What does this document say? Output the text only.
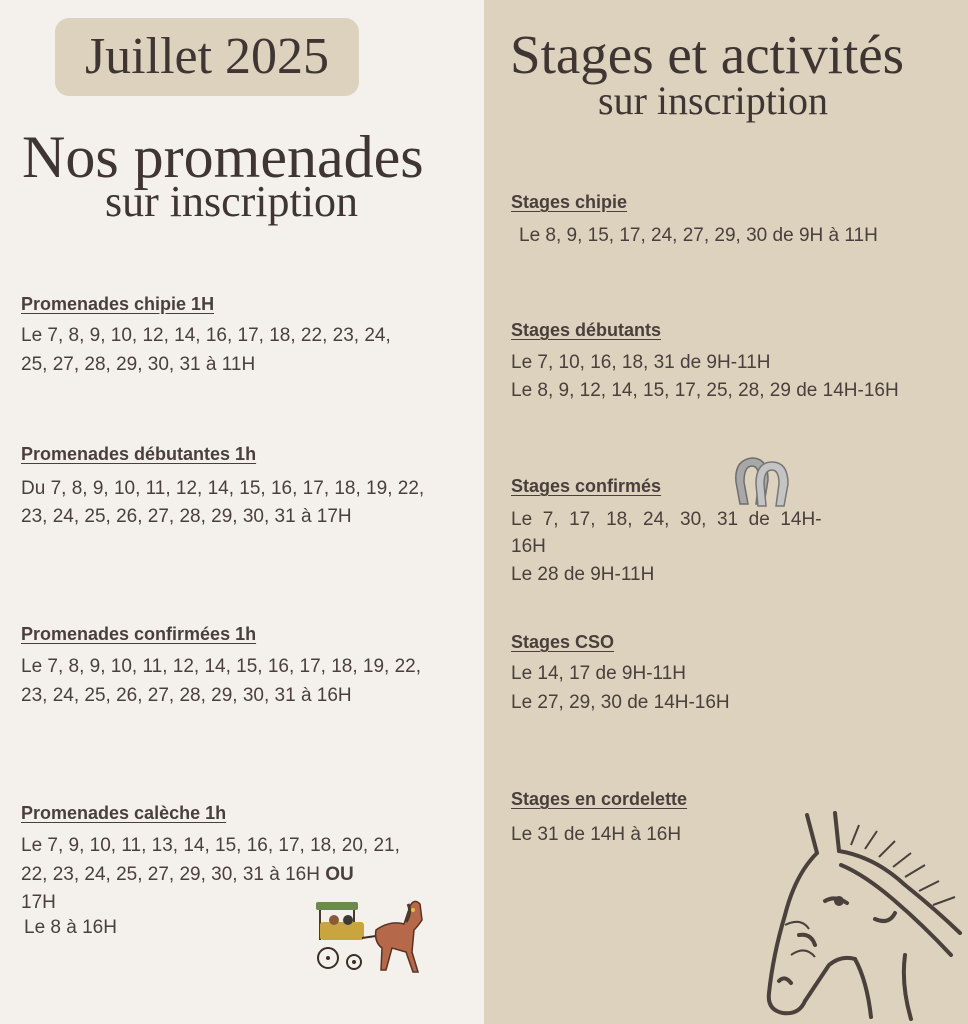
Juillet 2025
Nos promenades
sur inscription
Promenades chipie 1H
Le 7, 8, 9, 10, 12, 14, 16, 17, 18, 22, 23, 24,
25, 27, 28, 29, 30, 31 à 11H
Promenades débutantes 1h
Du 7, 8, 9, 10, 11, 12, 14, 15, 16, 17, 18, 19, 22,
23, 24, 25, 26, 27, 28, 29, 30, 31 à 17H
Promenades confirmées 1h
Le 7, 8, 9, 10, 11, 12, 14, 15, 16, 17, 18, 19, 22,
23, 24, 25, 26, 27, 28, 29, 30, 31 à 16H
Promenades calèche 1h
Le 7, 9, 10, 11, 13, 14, 15, 16, 17, 18, 20, 21,
22, 23, 24, 25, 27, 29, 30, 31 à 16H OU
17H
Le 8 à 16H
Stages et activités
sur inscription
Stages chipie
Le 8, 9, 15, 17, 24, 27, 29, 30 de 9H à 11H
Stages débutants
Le 7, 10, 16, 18, 31 de 9H-11H
Le 8, 9, 12, 14, 15, 17, 25, 28, 29 de 14H-16H
Stages confirmés
Le  7,  17,  18,  24,  30,  31  de  14H-
16H
Le 28 de 9H-11H
Stages CSO
Le 14, 17 de 9H-11H
Le 27, 29, 30 de 14H-16H
Stages en cordelette
Le 31 de 14H à 16H
